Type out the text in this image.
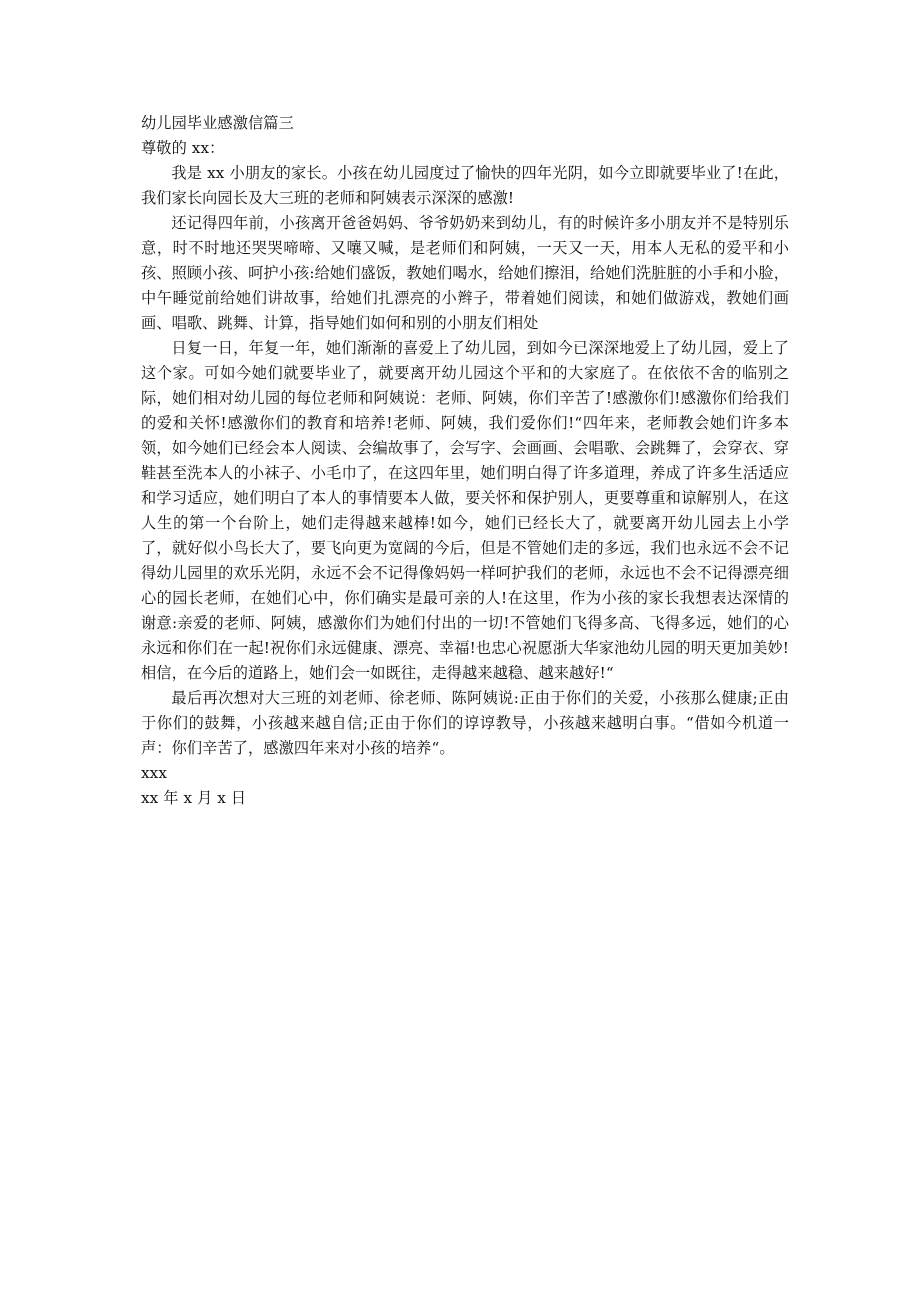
幼儿园毕业感激信篇三

尊敬的 xx：

我是 xx 小朋友的家长。小孩在幼儿园度过了愉快的四年光阴，如今立即就要毕业了!在此，我们家长向园长及大三班的老师和阿姨表示深深的感激!

还记得四年前，小孩离开爸爸妈妈、爷爷奶奶来到幼儿，有的时候许多小朋友并不是特别乐意，时不时地还哭哭啼啼、又嚷又喊，是老师们和阿姨，一天又一天，用本人无私的爱平和小孩、照顾小孩、呵护小孩:给她们盛饭，教她们喝水，给她们擦泪，给她们洗脏脏的小手和小脸，中午睡觉前给她们讲故事，给她们扎漂亮的小辫子，带着她们阅读，和她们做游戏，教她们画画、唱歌、跳舞、计算，指导她们如何和别的小朋友们相处

日复一日，年复一年，她们渐渐的喜爱上了幼儿园，到如今已深深地爱上了幼儿园，爱上了这个家。可如今她们就要毕业了，就要离开幼儿园这个平和的大家庭了。在依依不舍的临别之际，她们相对幼儿园的每位老师和阿姨说：老师、阿姨，你们辛苦了!感激你们!感激你们给我们的爱和关怀!感激你们的教育和培养!老师、阿姨，我们爱你们!“四年来，老师教会她们许多本领，如今她们已经会本人阅读、会编故事了，会写字、会画画、会唱歌、会跳舞了，会穿衣、穿鞋甚至洗本人的小袜子、小毛巾了，在这四年里，她们明白得了许多道理，养成了许多生活适应和学习适应，她们明白了本人的事情要本人做，要关怀和保护别人，更要尊重和谅解别人，在这人生的第一个台阶上，她们走得越来越棒!如今，她们已经长大了，就要离开幼儿园去上小学了，就好似小鸟长大了，要飞向更为宽阔的今后，但是不管她们走的多远，我们也永远不会不记得幼儿园里的欢乐光阴，永远不会不记得像妈妈一样呵护我们的老师，永远也不会不记得漂亮细心的园长老师，在她们心中，你们确实是最可亲的人!在这里，作为小孩的家长我想表达深情的谢意:亲爱的老师、阿姨，感激你们为她们付出的一切!不管她们飞得多高、飞得多远，她们的心永远和你们在一起!祝你们永远健康、漂亮、幸福!也忠心祝愿浙大华家池幼儿园的明天更加美妙!相信，在今后的道路上，她们会一如既往，走得越来越稳、越来越好!“

最后再次想对大三班的刘老师、徐老师、陈阿姨说:正由于你们的关爱，小孩那么健康;正由于你们的鼓舞，小孩越来越自信;正由于你们的谆谆教导，小孩越来越明白事。“借如今机道一声：你们辛苦了，感激四年来对小孩的培养“。

xxx

xx 年 x 月 x 日
